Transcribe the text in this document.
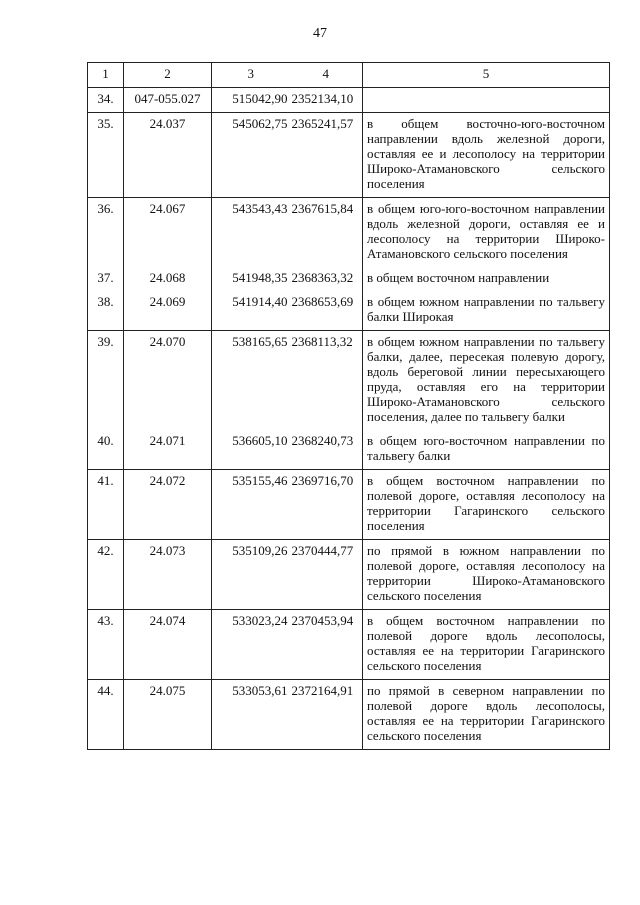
47
1	2	3	4	5
34.	047-055.027	515042,90	2352134,10	
35.	24.037	545062,75	2365241,57	в общем восточно-юго-восточном направлении вдоль железной дороги, оставляя ее и лесополосу на территории Широко-Атамановского сельского поселения
36.	24.067	543543,43	2367615,84	в общем юго-юго-восточном направлении вдоль железной дороги, оставляя ее и лесополосу на территории Широко-Атамановского сельского поселения
37.	24.068	541948,35	2368363,32	в общем восточном направлении
38.	24.069	541914,40	2368653,69	в общем южном направлении по тальвегу балки Широкая
39.	24.070	538165,65	2368113,32	в общем южном направлении по тальвегу балки, далее, пересекая полевую дорогу, вдоль береговой линии пересыхающего пруда, оставляя его на территории Широко-Атамановского сельского поселения, далее по тальвегу балки
40.	24.071	536605,10	2368240,73	в общем юго-восточном направлении по тальвегу балки
41.	24.072	535155,46	2369716,70	в общем восточном направлении по полевой дороге, оставляя лесополосу на территории Гагаринского сельского поселения
42.	24.073	535109,26	2370444,77	по прямой в южном направлении по полевой дороге, оставляя лесополосу на территории Широко-Атамановского сельского поселения
43.	24.074	533023,24	2370453,94	в общем восточном направлении по полевой дороге вдоль лесополосы, оставляя ее на территории Гагаринского сельского поселения
44.	24.075	533053,61	2372164,91	по прямой в северном направлении по полевой дороге вдоль лесополосы, оставляя ее на территории Гагаринского сельского поселения
